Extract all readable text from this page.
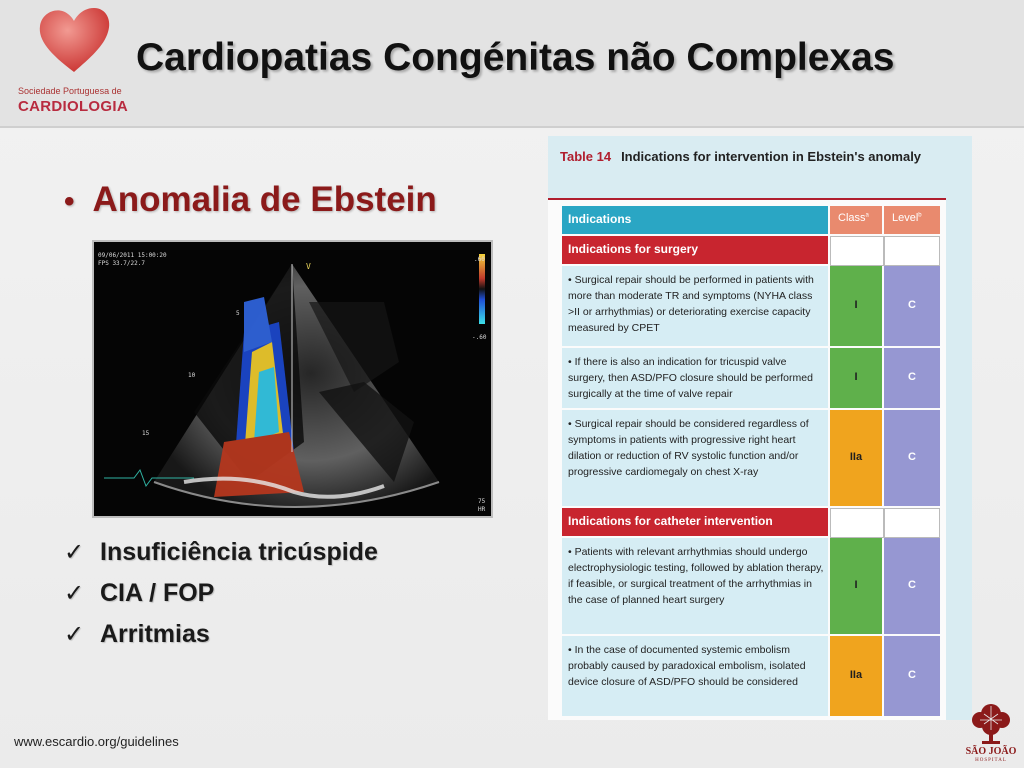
Sociedade Portuguesa de
CARDIOLOGIA
Cardiopatias Congénitas não Complexas
• Anomalia de Ebstein
09/06/2011 15:00:20
FPS 33.7/22.7	V
5
10
15
.60
-.60
75
HR
✓ Insuficiência tricúspide
✓ CIA / FOP
✓ Arritmias
Table 14 Indications for intervention in Ebstein's anomaly
Indications	Class$^a$ Level$^b$
Indications for surgery
• Surgical repair should be performed in patients with more than moderate TR and symptoms (NYHA class >II or arrhythmias) or deteriorating exercise capacity measured by CPET
I	C
• If there is also an indication for tricuspid valve surgery, then ASD/PFO closure should be performed surgically at the time of valve repair
I	C
• Surgical repair should be considered regardless of symptoms in patients with progressive right heart dilation or reduction of RV systolic function and/or progressive cardiomegaly on chest X-ray
IIa	C
Indications for catheter intervention
• Patients with relevant arrhythmias should undergo electrophysiologic testing, followed by ablation therapy, if feasible, or surgical treatment of the arrhythmias in the case of planned heart surgery
I	C
• In the case of documented systemic embolism probably caused by paradoxical embolism, isolated device closure of ASD/PFO should be considered
IIa	C
www.escardio.org/guidelines
SÃO JOÃO
HOSPITAL
